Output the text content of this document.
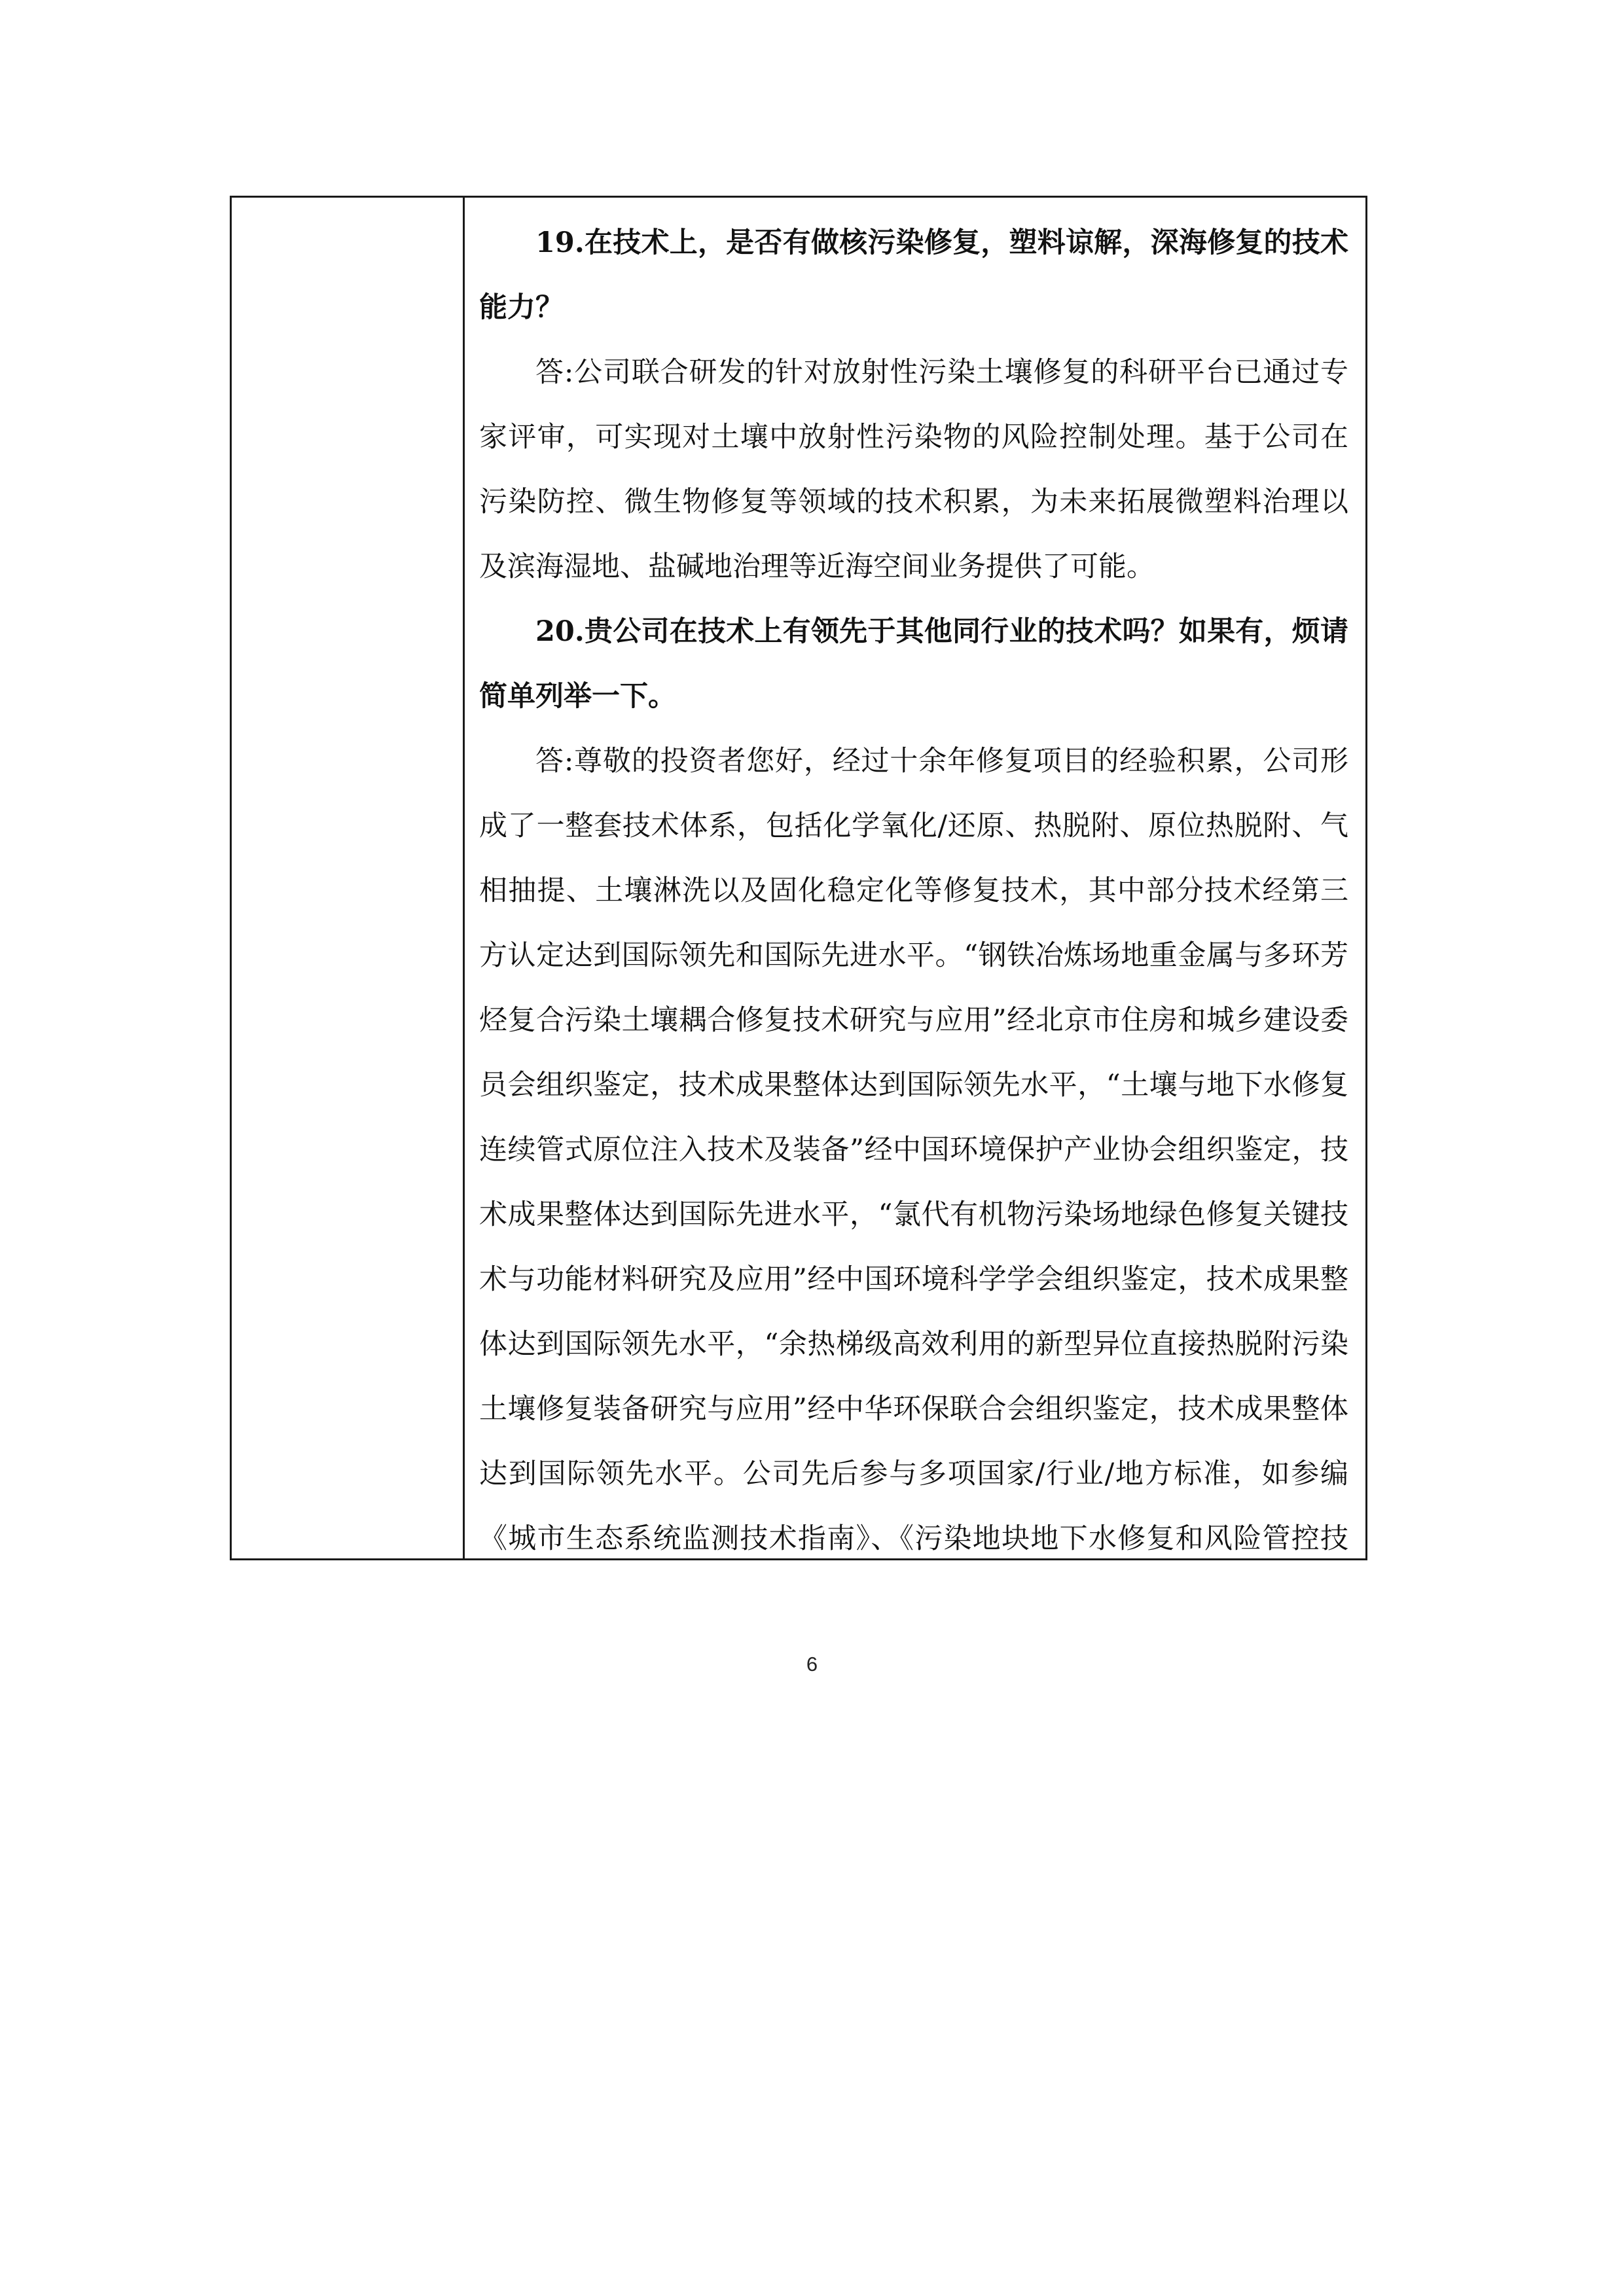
19.在技术上，是否有做核污染修复，塑料谅解，深海修复的技术能力？

答:公司联合研发的针对放射性污染土壤修复的科研平台已通过专家评审，可实现对土壤中放射性污染物的风险控制处理。基于公司在污染防控、微生物修复等领域的技术积累，为未来拓展微塑料治理以及滨海湿地、盐碱地治理等近海空间业务提供了可能。

20.贵公司在技术上有领先于其他同行业的技术吗？如果有，烦请简单列举一下。

答:尊敬的投资者您好，经过十余年修复项目的经验积累，公司形成了一整套技术体系，包括化学氧化/还原、热脱附、原位热脱附、气相抽提、土壤淋洗以及固化稳定化等修复技术，其中部分技术经第三方认定达到国际领先和国际先进水平。“钢铁冶炼场地重金属与多环芳烃复合污染土壤耦合修复技术研究与应用”经北京市住房和城乡建设委员会组织鉴定，技术成果整体达到国际领先水平，“土壤与地下水修复连续管式原位注入技术及装备”经中国环境保护产业协会组织鉴定，技术成果整体达到国际先进水平，“氯代有机物污染场地绿色修复关键技术与功能材料研究及应用”经中国环境科学学会组织鉴定，技术成果整体达到国际领先水平，“余热梯级高效利用的新型异位直接热脱附污染土壤修复装备研究与应用”经中华环保联合会组织鉴定，技术成果整体达到国际领先水平。公司先后参与多项国家/行业/地方标准，如参编《城市生态系统监测技术指南》、《污染地块地下水修复和风险管控技

6
